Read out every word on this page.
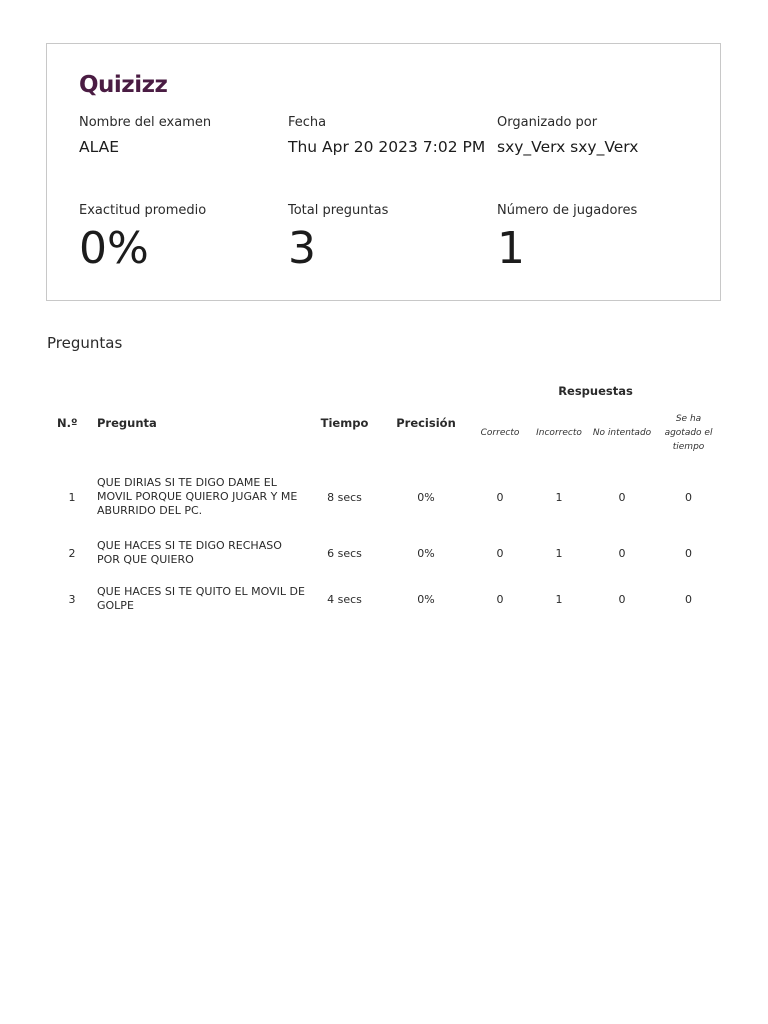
Quizizz
Nombre del examen
ALAE
Fecha
Thu Apr 20 2023 7:02 PM
Organizado por
sxy_Verx sxy_Verx
Exactitud promedio
0%
Total preguntas
3
Número de jugadores
1
Preguntas
				Respuestas			
N.º	Pregunta	Tiempo	Precisión	Correcto	Incorrecto	No intentado	Se ha agotado el tiempo
1	QUE DIRIAS SI TE DIGO DAME EL MOVIL PORQUE QUIERO JUGAR Y ME ABURRIDO DEL PC.	8 secs	0%	0	1	0	0
2	QUE HACES SI TE DIGO RECHASO POR QUE QUIERO	6 secs	0%	0	1	0	0
3	QUE HACES SI TE QUITO EL MOVIL DE GOLPE	4 secs	0%	0	1	0	0
